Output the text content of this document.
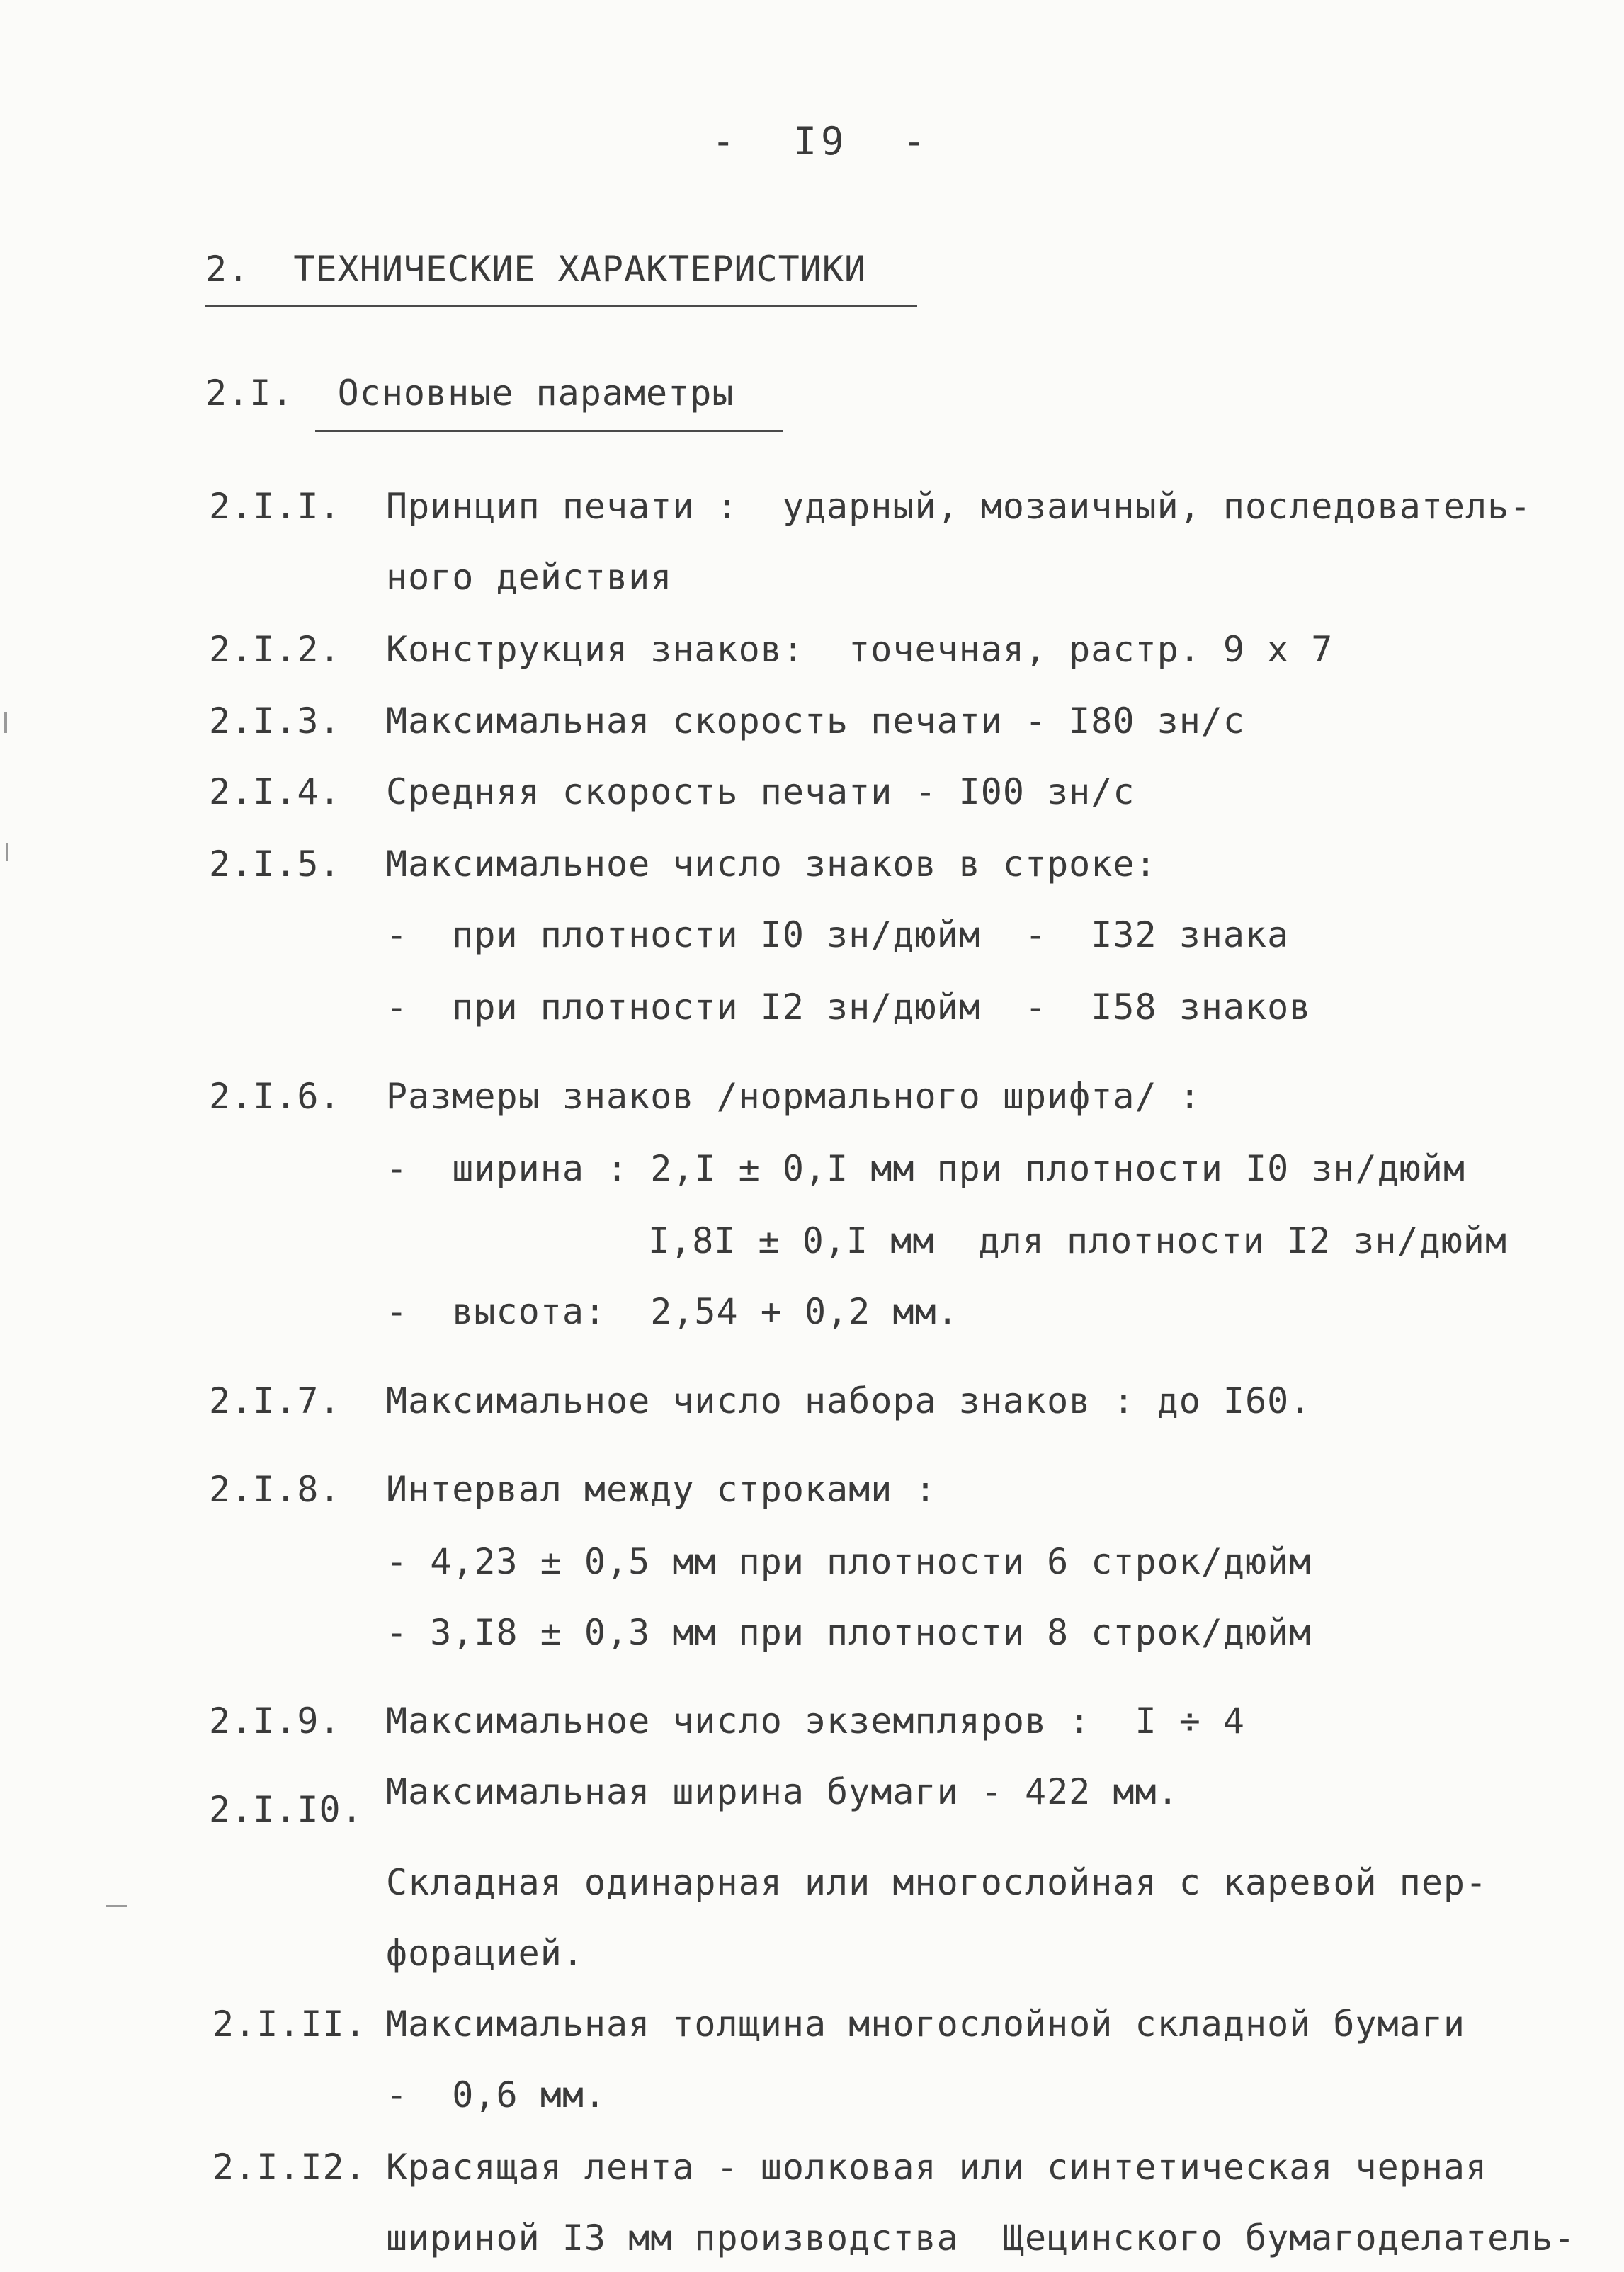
-  I9  -
2.  ТЕХНИЧЕСКИЕ ХАРАКТЕРИСТИКИ
2.I.  Основные параметры
2.I.I. Принцип печати :  ударный, мозаичный, последователь-
ного действия
2.I.2. Конструкция знаков:  точечная, растр. 9 х 7
2.I.3. Максимальная скорость печати - I80 зн/с
2.I.4. Средняя скорость печати - I00 зн/с
2.I.5. Максимальное число знаков в строке:
-  при плотности I0 зн/дюйм  -  I32 знака
-  при плотности I2 зн/дюйм  -  I58 знаков
2.I.6. Размеры знаков /нормального шрифта/ :
-  ширина : 2,I ± 0,I мм при плотности I0 зн/дюйм
I,8I ± 0,I мм  для плотности I2 зн/дюйм
-  высота:  2,54 + 0,2 мм.
2.I.7. Максимальное число набора знаков : до I60.
2.I.8. Интервал между строками :
- 4,23 ± 0,5 мм при плотности 6 строк/дюйм
- 3,I8 ± 0,3 мм при плотности 8 строк/дюйм
2.I.9. Максимальное число экземпляров :  I ÷ 4
2.I.I0. Максимальная ширина бумаги - 422 мм.
Складная одинарная или многослойная с каревой пер-
форацией.
2.I.II. Максимальная толщина многослойной складной бумаги
-  0,6 мм.
2.I.I2. Красящая лента - шолковая или синтетическая черная
шириной I3 мм производства  Щецинского бумагоделатель-
